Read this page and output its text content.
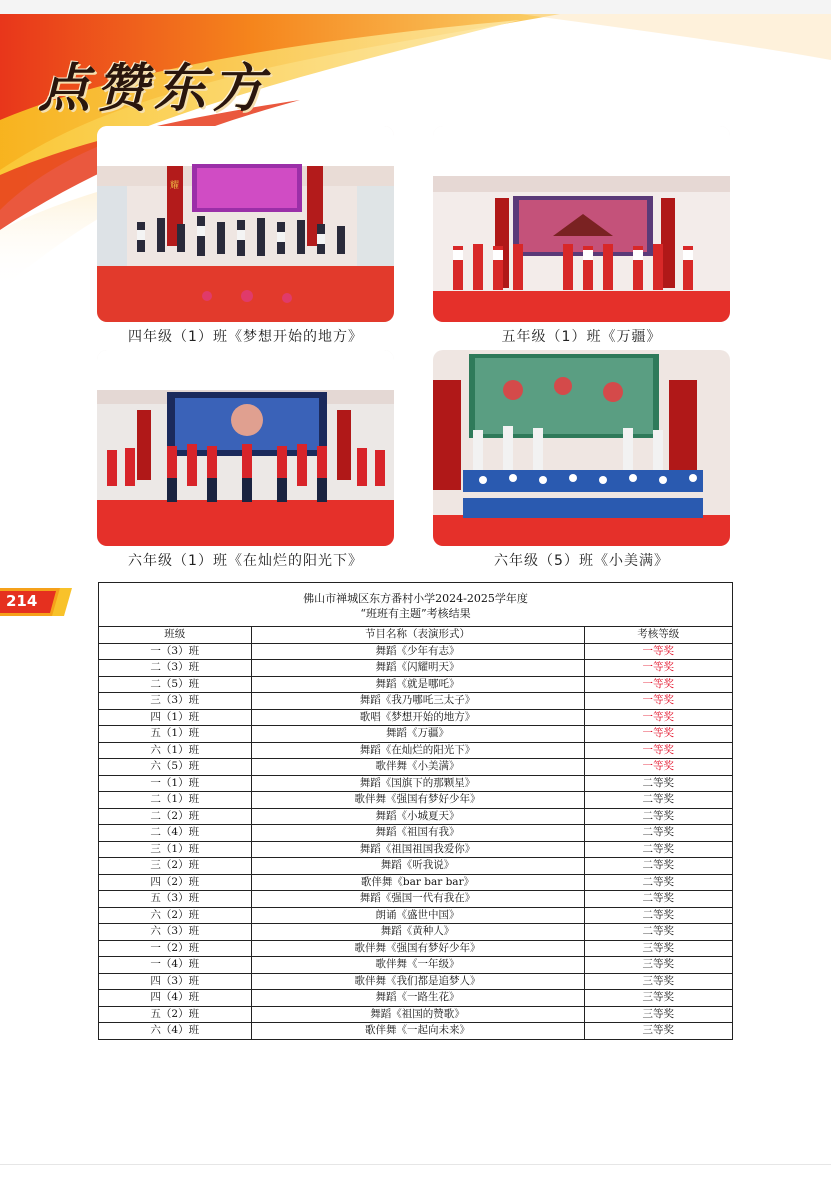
点赞东方
耀
四年级（1）班《梦想开始的地方》	五年级（1）班《万疆》
六年级（1）班《在灿烂的阳光下》	六年级（5）班《小美满》
214	佛山市禅城区东方番村小学2024-2025学年度
“班班有主题”考核结果
班级	节目名称（表演形式）	考核等级
一（3）班	舞蹈《少年有志》	一等奖
二（3）班	舞蹈《闪耀明天》	一等奖
二（5）班	舞蹈《就是哪吒》	一等奖
三（3）班	舞蹈《我乃哪吒三太子》	一等奖
四（1）班	歌唱《梦想开始的地方》	一等奖
五（1）班	舞蹈《万疆》	一等奖
六（1）班	舞蹈《在灿烂的阳光下》	一等奖
六（5）班	歌伴舞《小美满》	一等奖
一（1）班	舞蹈《国旗下的那颗星》	二等奖
二（1）班	歌伴舞《强国有梦好少年》	二等奖
二（2）班	舞蹈《小城夏天》	二等奖
二（4）班	舞蹈《祖国有我》	二等奖
三（1）班	舞蹈《祖国祖国我爱你》	二等奖
三（2）班	舞蹈《听我说》	二等奖
四（2）班	歌伴舞《bar bar bar》	二等奖
五（3）班	舞蹈《强国一代有我在》	二等奖
六（2）班	朗诵《盛世中国》	二等奖
六（3）班	舞蹈《黄种人》	二等奖
一（2）班	歌伴舞《强国有梦好少年》	三等奖
一（4）班	歌伴舞《一年级》	三等奖
四（3）班	歌伴舞《我们都是追梦人》	三等奖
四（4）班	舞蹈《一路生花》	三等奖
五（2）班	舞蹈《祖国的赞歌》	三等奖
六（4）班	歌伴舞《一起向未来》	三等奖
